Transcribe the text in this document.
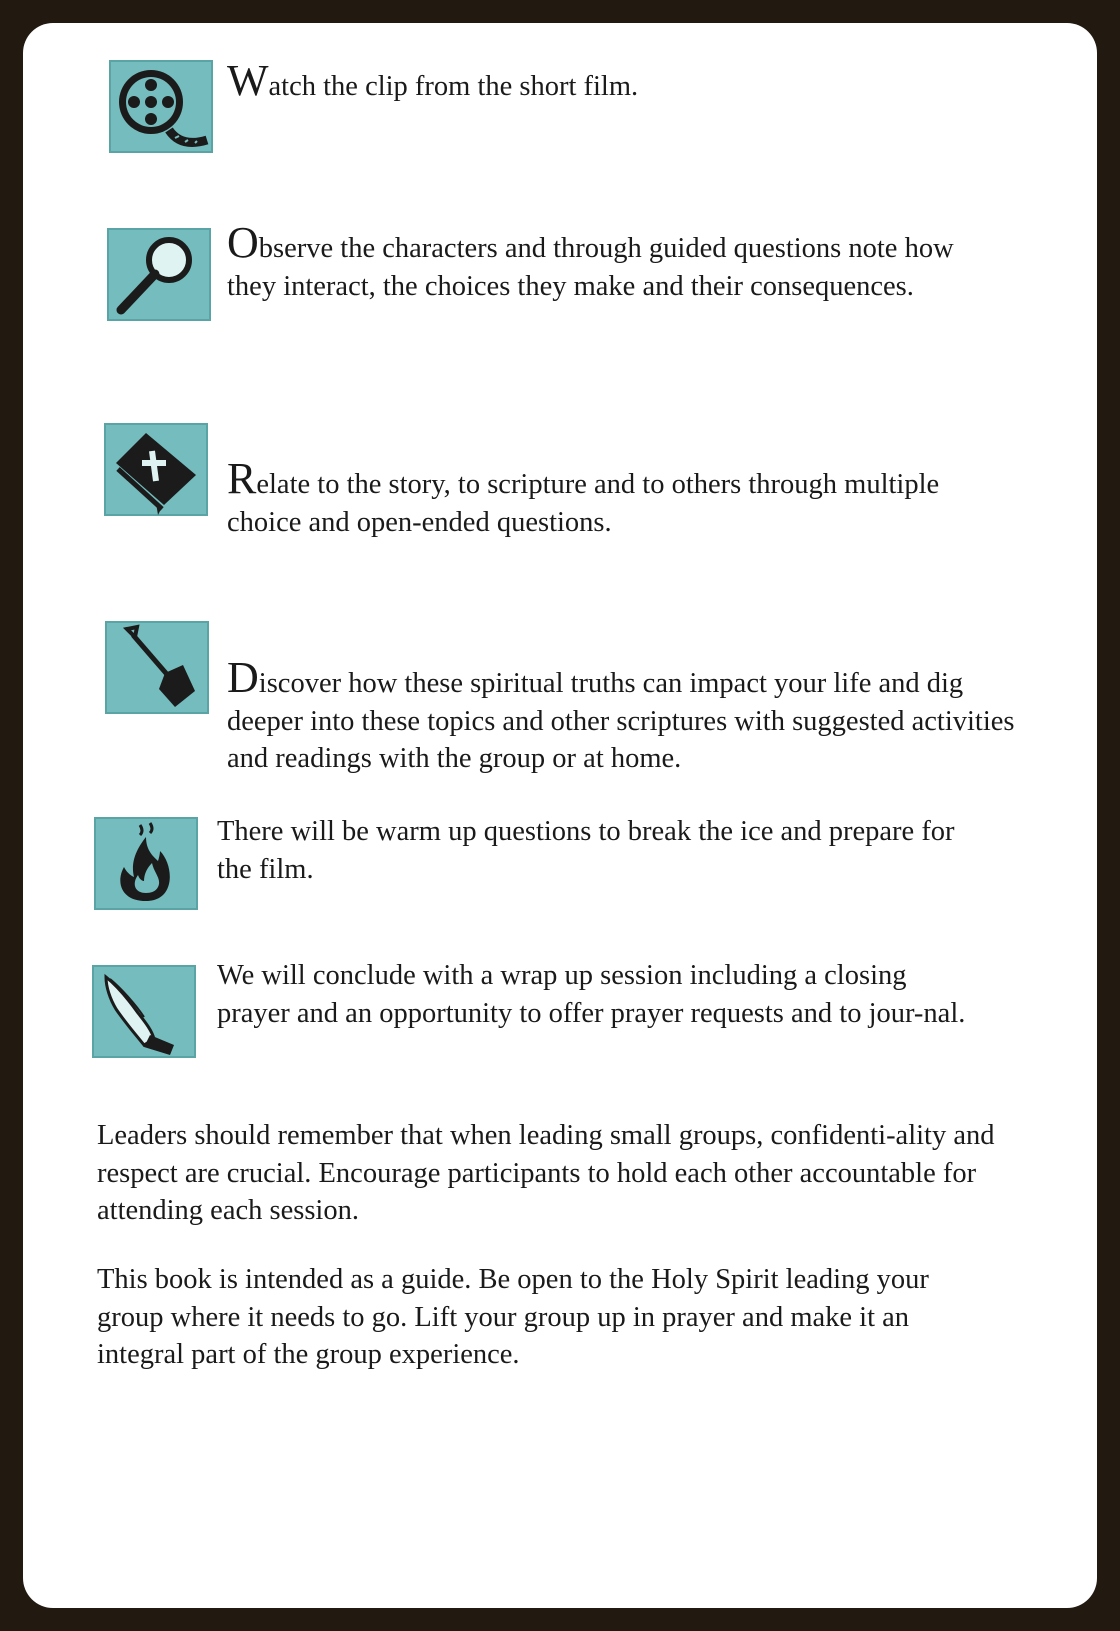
Watch the clip from the short film.
Observe the characters and through guided questions note how they interact, the choices they make and their consequences.
Relate to the story, to scripture and to others through multiple choice and open-ended questions.
Discover how these spiritual truths can impact your life and dig deeper into these topics and other scriptures with suggested activities and readings with the group or at home.
There will be warm up questions to break the ice and prepare for the film.
We will conclude with a wrap up session including a closing prayer and an opportunity to offer prayer requests and to jour-nal.
Leaders should remember that when leading small groups, confidenti-ality and respect are crucial. Encourage participants to hold each other accountable for attending each session.
This book is intended as a guide. Be open to the Holy Spirit leading your group where it needs to go. Lift your group up in prayer and make it an integral part of the group experience.
